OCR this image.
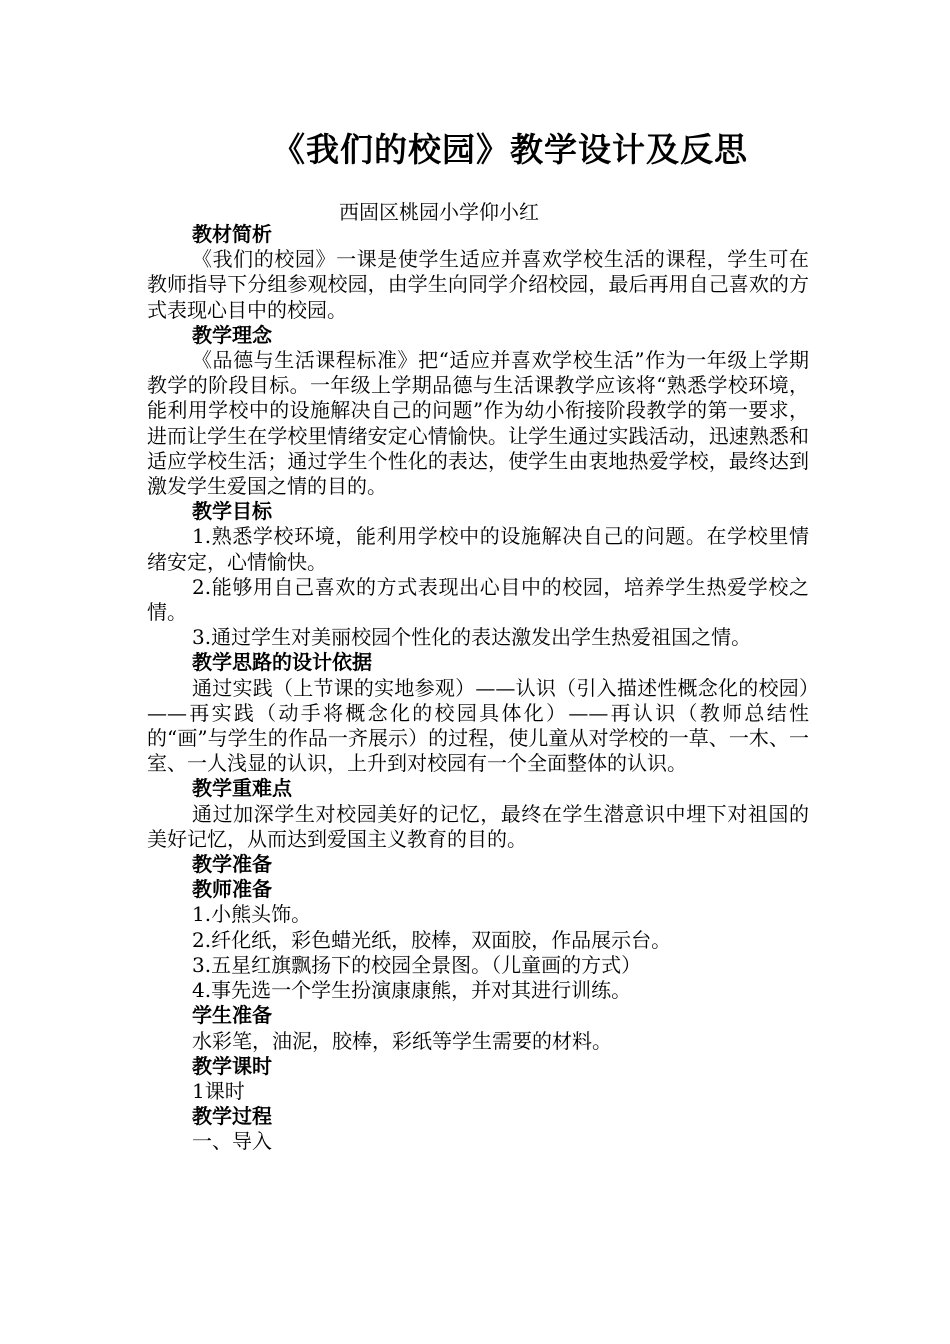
《我们的校园》教学设计及反思
西固区桃园小学仰小红
教材简析

《我们的校园》一课是使学生适应并喜欢学校生活的课程，学生可在教师指导下分组参观校园，由学生向同学介绍校园，最后再用自己喜欢的方式表现心目中的校园。

教学理念

《品德与生活课程标准》把“适应并喜欢学校生活”作为一年级上学期教学的阶段目标。一年级上学期品德与生活课教学应该将“熟悉学校环境，能利用学校中的设施解决自己的问题”作为幼小衔接阶段教学的第一要求，进而让学生在学校里情绪安定心情愉快。让学生通过实践活动，迅速熟悉和适应学校生活；通过学生个性化的表达，使学生由衷地热爱学校，最终达到激发学生爱国之情的目的。

教学目标

1.熟悉学校环境，能利用学校中的设施解决自己的问题。在学校里情绪安定，心情愉快。

2.能够用自己喜欢的方式表现出心目中的校园，培养学生热爱学校之情。

3.通过学生对美丽校园个性化的表达激发出学生热爱祖国之情。

教学思路的设计依据

通过实践（上节课的实地参观）——认识（引入描述性概念化的校园）——再实践（动手将概念化的校园具体化）——再认识（教师总结性的“画”与学生的作品一齐展示）的过程，使儿童从对学校的一草、一木、一室、一人浅显的认识，上升到对校园有一个全面整体的认识。

教学重难点

通过加深学生对校园美好的记忆，最终在学生潜意识中埋下对祖国的美好记忆，从而达到爱国主义教育的目的。

教学准备
教师准备

1.小熊头饰。

2.纤化纸，彩色蜡光纸，胶棒，双面胶，作品展示台。

3.五星红旗飘扬下的校园全景图。（儿童画的方式）

4.事先选一个学生扮演康康熊，并对其进行训练。

学生准备

水彩笔，油泥，胶棒，彩纸等学生需要的材料。

教学课时

1课时

教学过程

一、导入
